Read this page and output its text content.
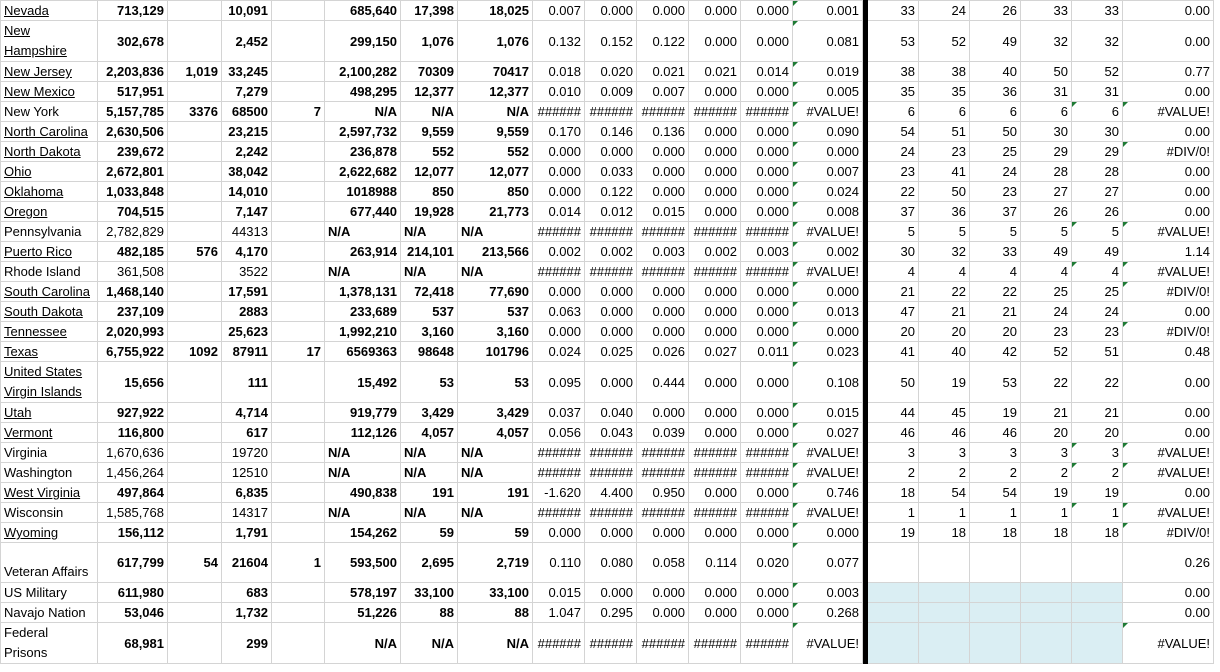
Nevada	713,129		10,091		685,640	17,398	18,025	0.007	0.000	0.000	0.000	0.000	0.001		33	24	26	33	33	0.00
New Hampshire	302,678		2,452		299,150	1,076	1,076	0.132	0.152	0.122	0.000	0.000	0.081		53	52	49	32	32	0.00
New Jersey	2,203,836	1,019	33,245		2,100,282	70309	70417	0.018	0.020	0.021	0.021	0.014	0.019		38	38	40	50	52	0.77
New Mexico	517,951		7,279		498,295	12,377	12,377	0.010	0.009	0.007	0.000	0.000	0.005		35	35	36	31	31	0.00
New York	5,157,785	3376	68500	7	N/A	N/A	N/A	######	######	######	######	######	#VALUE!		6	6	6	6	6	#VALUE!
North Carolina	2,630,506		23,215		2,597,732	9,559	9,559	0.170	0.146	0.136	0.000	0.000	0.090		54	51	50	30	30	0.00
North Dakota	239,672		2,242		236,878	552	552	0.000	0.000	0.000	0.000	0.000	0.000		24	23	25	29	29	#DIV/0!
Ohio	2,672,801		38,042		2,622,682	12,077	12,077	0.000	0.033	0.000	0.000	0.000	0.007		23	41	24	28	28	0.00
Oklahoma	1,033,848		14,010		1018988	850	850	0.000	0.122	0.000	0.000	0.000	0.024		22	50	23	27	27	0.00
Oregon	704,515		7,147		677,440	19,928	21,773	0.014	0.012	0.015	0.000	0.000	0.008		37	36	37	26	26	0.00
Pennsylvania	2,782,829		44313		N/A	N/A	N/A	######	######	######	######	######	#VALUE!		5	5	5	5	5	#VALUE!
Puerto Rico	482,185	576	4,170		263,914	214,101	213,566	0.002	0.002	0.003	0.002	0.003	0.002		30	32	33	49	49	1.14
Rhode Island	361,508		3522		N/A	N/A	N/A	######	######	######	######	######	#VALUE!		4	4	4	4	4	#VALUE!
South Carolina	1,468,140		17,591		1,378,131	72,418	77,690	0.000	0.000	0.000	0.000	0.000	0.000		21	22	22	25	25	#DIV/0!
South Dakota	237,109		2883		233,689	537	537	0.063	0.000	0.000	0.000	0.000	0.013		47	21	21	24	24	0.00
Tennessee	2,020,993		25,623		1,992,210	3,160	3,160	0.000	0.000	0.000	0.000	0.000	0.000		20	20	20	23	23	#DIV/0!
Texas	6,755,922	1092	87911	17	6569363	98648	101796	0.024	0.025	0.026	0.027	0.011	0.023		41	40	42	52	51	0.48
United States Virgin Islands	15,656		111		15,492	53	53	0.095	0.000	0.444	0.000	0.000	0.108		50	19	53	22	22	0.00
Utah	927,922		4,714		919,779	3,429	3,429	0.037	0.040	0.000	0.000	0.000	0.015		44	45	19	21	21	0.00
Vermont	116,800		617		112,126	4,057	4,057	0.056	0.043	0.039	0.000	0.000	0.027		46	46	46	20	20	0.00
Virginia	1,670,636		19720		N/A	N/A	N/A	######	######	######	######	######	#VALUE!		3	3	3	3	3	#VALUE!
Washington	1,456,264		12510		N/A	N/A	N/A	######	######	######	######	######	#VALUE!		2	2	2	2	2	#VALUE!
West Virginia	497,864		6,835		490,838	191	191	-1.620	4.400	0.950	0.000	0.000	0.746		18	54	54	19	19	0.00
Wisconsin	1,585,768		14317		N/A	N/A	N/A	######	######	######	######	######	#VALUE!		1	1	1	1	1	#VALUE!
Wyoming	156,112		1,791		154,262	59	59	0.000	0.000	0.000	0.000	0.000	0.000		19	18	18	18	18	#DIV/0!
Veteran Affairs	617,799	54	21604	1	593,500	2,695	2,719	0.110	0.080	0.058	0.114	0.020	0.077							0.26
US Military	611,980		683		578,197	33,100	33,100	0.015	0.000	0.000	0.000	0.000	0.003							0.00
Navajo Nation	53,046		1,732		51,226	88	88	1.047	0.295	0.000	0.000	0.000	0.268							0.00
Federal Prisons	68,981		299		N/A	N/A	N/A	######	######	######	######	######	#VALUE!							#VALUE!
